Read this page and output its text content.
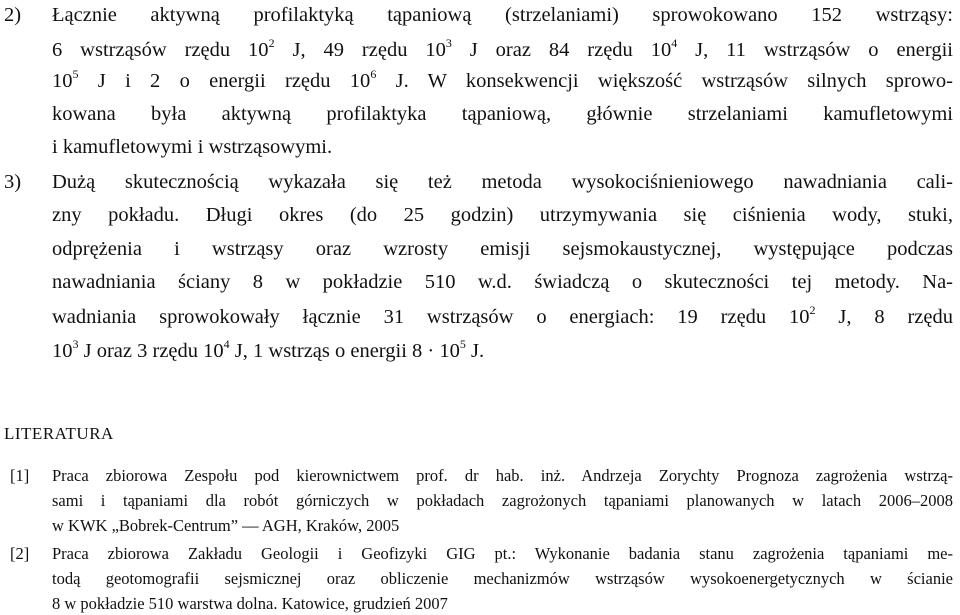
2) Łącznie aktywną profilaktyką tąpaniową (strzelaniami) sprowokowano 152 wstrząsy:
6 wstrząsów rzędu $10^2$ J, 49 rzędu $10^3$ J oraz 84 rzędu $10^4$ J, 11 wstrząsów o energii
$10^5$ J i 2 o energii rzędu $10^6$ J. W konsekwencji większość wstrząsów silnych sprowo-
kowana była aktywną profilaktyka tąpaniową, głównie strzelaniami kamufletowymi
i kamufletowymi i wstrząsowymi.
3) Dużą skutecznością wykazała się też metoda wysokociśnieniowego nawadniania cali-
zny pokładu. Długi okres (do 25 godzin) utrzymywania się ciśnienia wody, stuki,
odprężenia i wstrząsy oraz wzrosty emisji sejsmokaustycznej, występujące podczas
nawadniania ściany 8 w pokładzie 510 w.d. świadczą o skuteczności tej metody. Na-
wadniania sprowokowały łącznie 31 wstrząsów o energiach: 19 rzędu $10^2$ J, 8 rzędu
$10^3$ J oraz 3 rzędu $10^4$ J, 1 wstrząs o energii $8 \cdot 10^5$ J.
LITERATURA
[1] Praca zbiorowa Zespołu pod kierownictwem prof. dr hab. inż. Andrzeja Zorychty Prognoza zagrożenia wstrzą-
sami i tąpaniami dla robót górniczych w pokładach zagrożonych tąpaniami planowanych w latach 2006–2008
w KWK „Bobrek-Centrum” — AGH, Kraków, 2005
[2] Praca zbiorowa Zakładu Geologii i Geofizyki GIG pt.: Wykonanie badania stanu zagrożenia tąpaniami me-
todą geotomografii sejsmicznej oraz obliczenie mechanizmów wstrząsów wysokoenergetycznych w ścianie
8 w pokładzie 510 warstwa dolna. Katowice, grudzień 2007
